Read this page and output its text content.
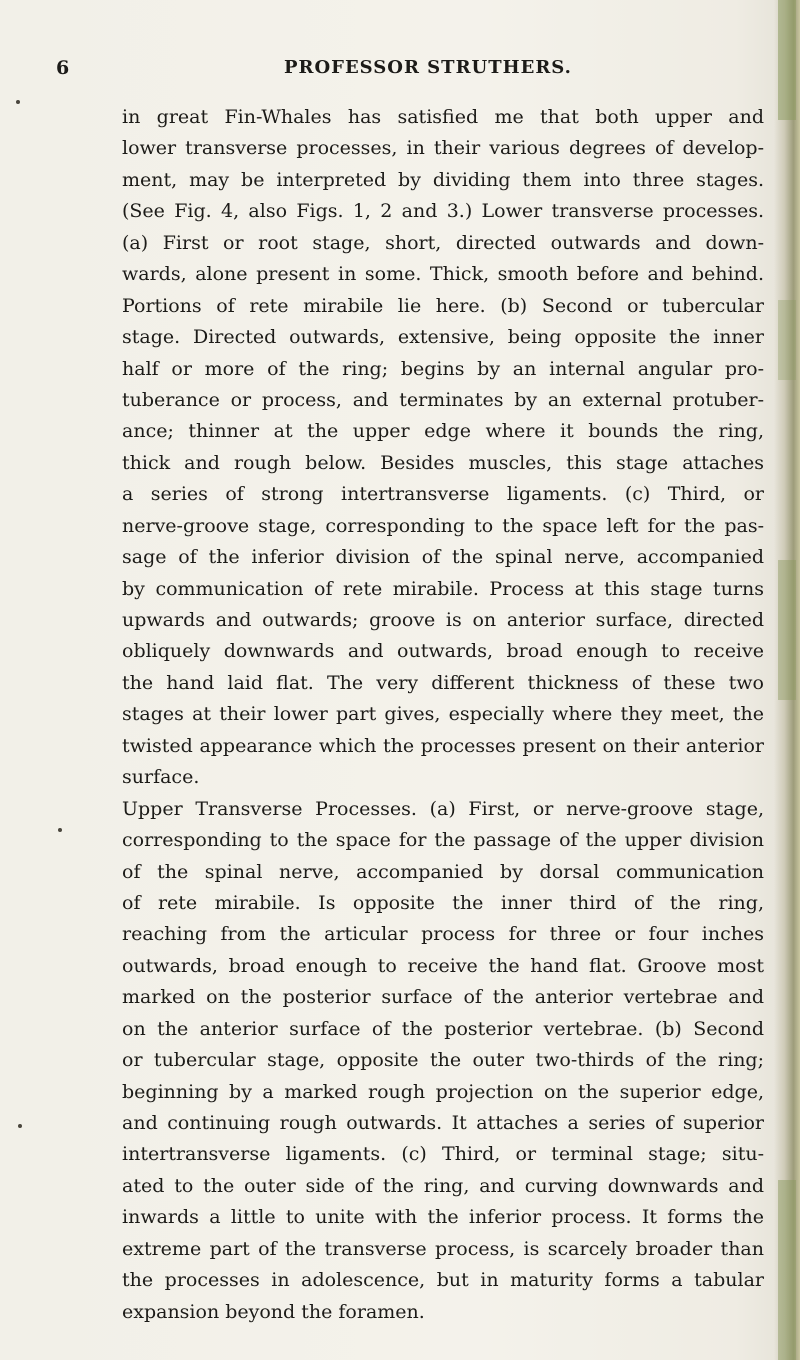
6	PROFESSOR STRUTHERS.
in great Fin-Whales has satisfied me that both upper and
lower transverse processes, in their various degrees of develop-
ment, may be interpreted by dividing them into three stages.
(See Fig. 4, also Figs. 1, 2 and 3.) Lower transverse processes.
(a) First or root stage, short, directed outwards and down-
wards, alone present in some. Thick, smooth before and behind.
Portions of rete mirabile lie here. (b) Second or tubercular
stage. Directed outwards, extensive, being opposite the inner
half or more of the ring; begins by an internal angular pro-
tuberance or process, and terminates by an external protuber-
ance; thinner at the upper edge where it bounds the ring,
thick and rough below. Besides muscles, this stage attaches
a series of strong intertransverse ligaments. (c) Third, or
nerve-groove stage, corresponding to the space left for the pas-
sage of the inferior division of the spinal nerve, accompanied
by communication of rete mirabile. Process at this stage turns
upwards and outwards; groove is on anterior surface, directed
obliquely downwards and outwards, broad enough to receive
the hand laid flat. The very different thickness of these two
stages at their lower part gives, especially where they meet, the
twisted appearance which the processes present on their anterior
surface.
Upper Transverse Processes. (a) First, or nerve-groove stage,
corresponding to the space for the passage of the upper division
of the spinal nerve, accompanied by dorsal communication
of rete mirabile. Is opposite the inner third of the ring,
reaching from the articular process for three or four inches
outwards, broad enough to receive the hand flat. Groove most
marked on the posterior surface of the anterior vertebrae and
on the anterior surface of the posterior vertebrae. (b) Second
or tubercular stage, opposite the outer two-thirds of the ring;
beginning by a marked rough projection on the superior edge,
and continuing rough outwards. It attaches a series of superior
intertransverse ligaments. (c) Third, or terminal stage; situ-
ated to the outer side of the ring, and curving downwards and
inwards a little to unite with the inferior process. It forms the
extreme part of the transverse process, is scarcely broader than
the processes in adolescence, but in maturity forms a tabular
expansion beyond the foramen.
